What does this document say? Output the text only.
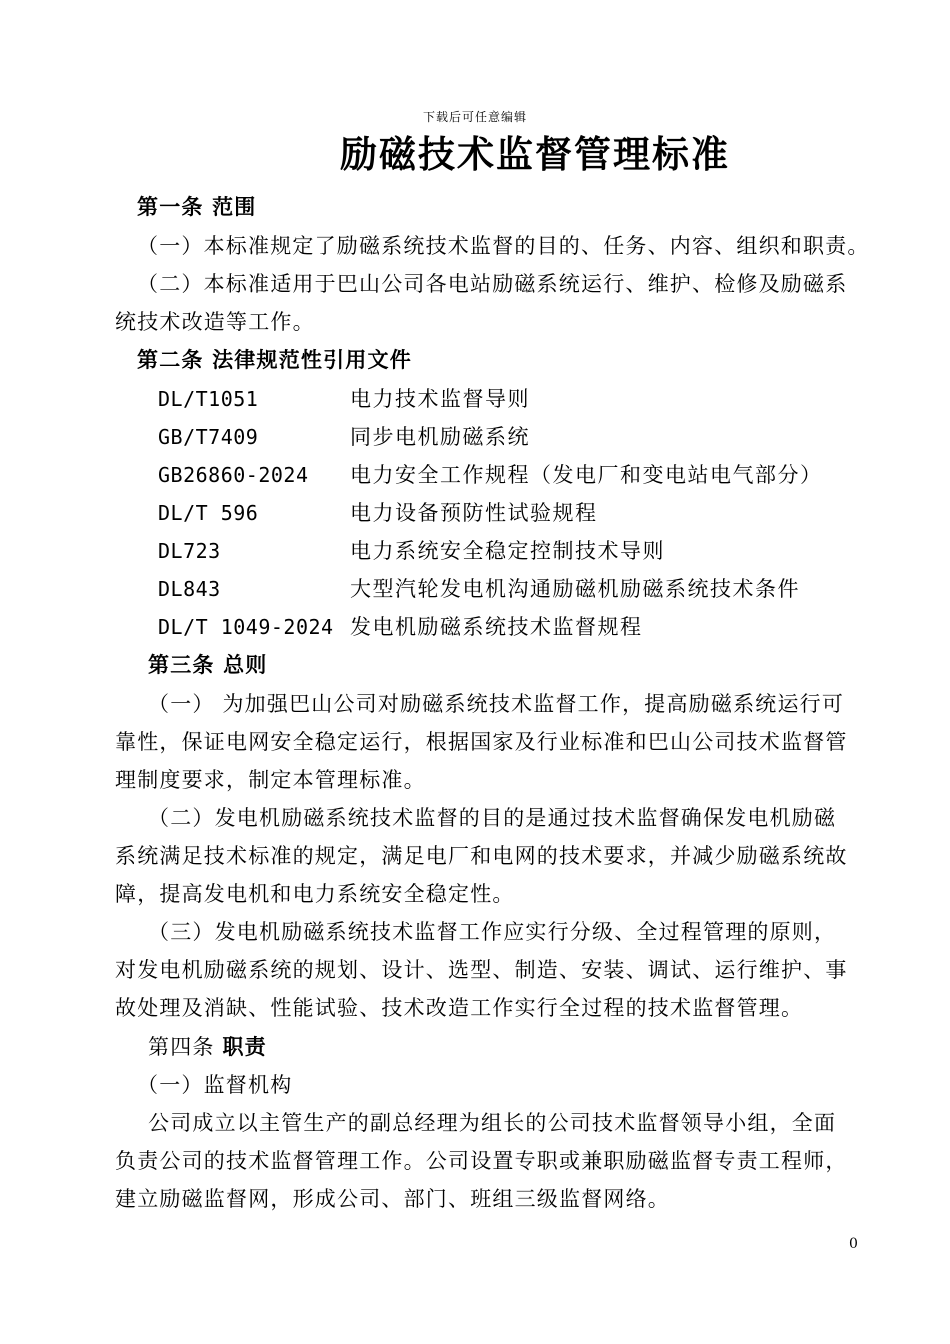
下载后可任意编辑
励磁技术监督管理标准
第一条 范围
（一）本标准规定了励磁系统技术监督的目的、任务、内容、组织和职责。
（二）本标准适用于巴山公司各电站励磁系统运行、维护、检修及励磁系
统技术改造等工作。
第二条 法律规范性引用文件
DL/T1051	电力技术监督导则
GB/T7409	同步电机励磁系统
GB26860-2024 电力安全工作规程（发电厂和变电站电气部分）
DL/T 596	电力设备预防性试验规程
DL723	电力系统安全稳定控制技术导则
DL843	大型汽轮发电机沟通励磁机励磁系统技术条件
DL/T 1049-2024 发电机励磁系统技术监督规程
第三条 总则
（一） 为加强巴山公司对励磁系统技术监督工作，提高励磁系统运行可
靠性，保证电网安全稳定运行，根据国家及行业标准和巴山公司技术监督管
理制度要求，制定本管理标准。
（二）发电机励磁系统技术监督的目的是通过技术监督确保发电机励磁
系统满足技术标准的规定，满足电厂和电网的技术要求，并减少励磁系统故
障，提高发电机和电力系统安全稳定性。
（三）发电机励磁系统技术监督工作应实行分级、全过程管理的原则，
对发电机励磁系统的规划、设计、选型、制造、安装、调试、运行维护、事
故处理及消缺、性能试验、技术改造工作实行全过程的技术监督管理。
第四条 职责
（一）监督机构
公司成立以主管生产的副总经理为组长的公司技术监督领导小组，全面
负责公司的技术监督管理工作。公司设置专职或兼职励磁监督专责工程师，
建立励磁监督网，形成公司、部门、班组三级监督网络。
0
